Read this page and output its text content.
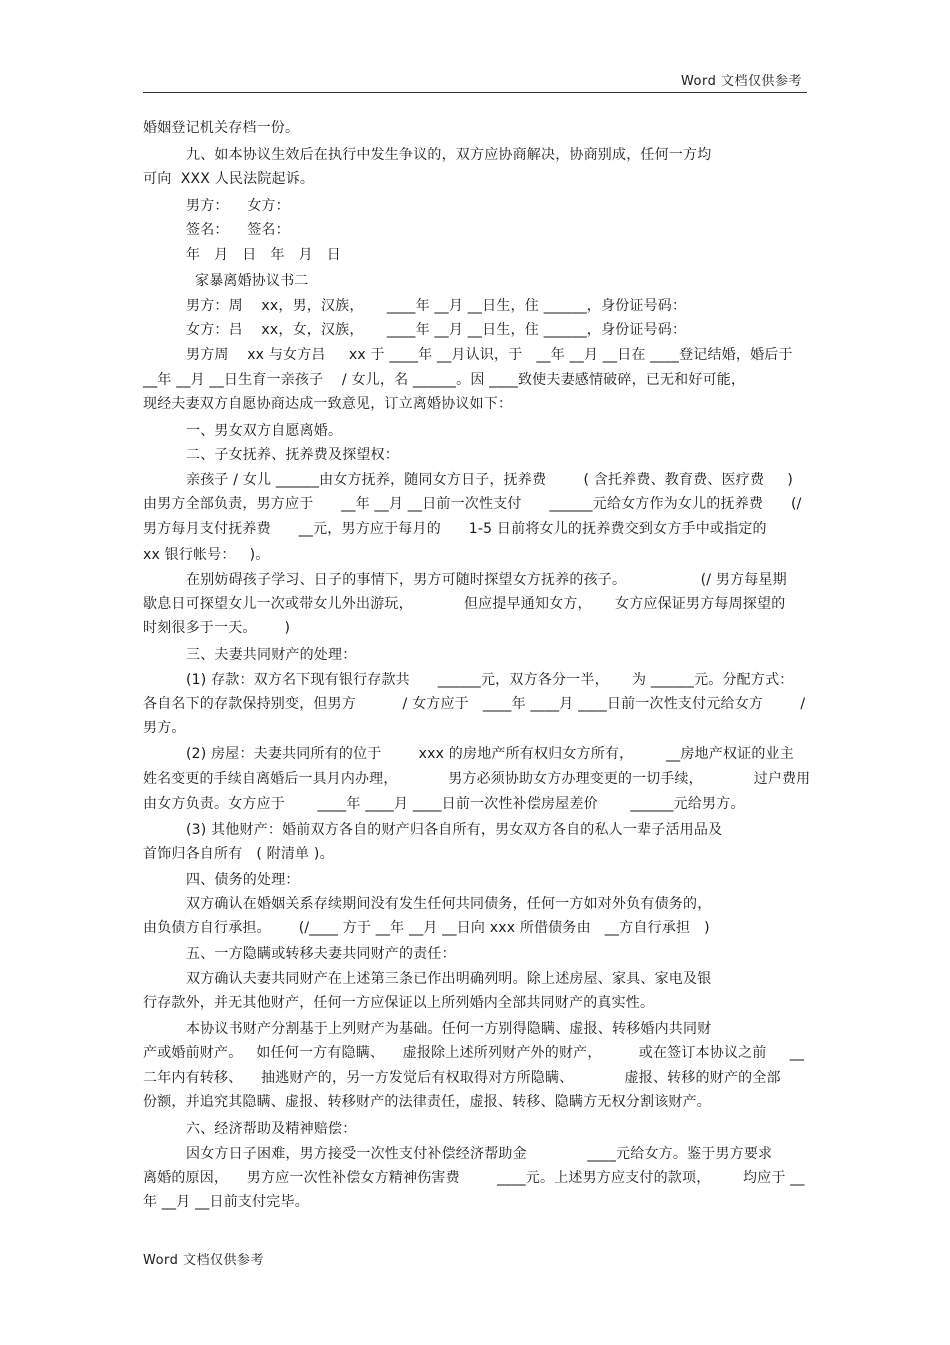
Word 文档仅供参考
婚姻登记机关存档一份。
九、如本协议生效后在执行中发生争议的，双方应协商解决，协商别成，任何一方均
可向  XXX 人民法院起诉。
男方：    女方：
签名：    签名：
年   月   日   年   月   日
家暴离婚协议书二
男方：周    xx，男，汉族，     ____年 __月 __日生，住 ______，身份证号码：
女方：吕    xx，女，汉族，     ____年 __月 __日生，住 ______，身份证号码：
男方周    xx 与女方吕     xx 于 ____年 __月认识，于   __年 __月 __日在 ____登记结婚，婚后于
__年 __月 __日生育一亲孩子    / 女儿，名 ______。因 ____致使夫妻感情破碎，已无和好可能，
现经夫妻双方自愿协商达成一致意见，订立离婚协议如下：
一、男女双方自愿离婚。
二、子女抚养、抚养费及探望权：
亲孩子 / 女儿 ______由女方抚养，随同女方日子，抚养费        ( 含托养费、教育费、医疗费     )
由男方全部负责，男方应于      __年 __月 __日前一次性支付      ______元给女方作为女儿的抚养费      (/
男方每月支付抚养费      __元，男方应于每月的      1-5 日前将女儿的抚养费交到女方手中或指定的
xx 银行帐号：   )。
在别妨碍孩子学习、日子的事情下，男方可随时探望女方抚养的孩子。                (/ 男方每星期
歇息日可探望女儿一次或带女儿外出游玩，           但应提早通知女方，     女方应保证男方每周探望的
时刻很多于一天。      )
三、夫妻共同财产的处理：
(1) 存款：双方名下现有银行存款共      ______元，双方各分一半，     为 ______元。分配方式：
各自名下的存款保持别变，但男方          / 女方应于   ____年 ____月 ____日前一次性支付元给女方        /
男方。
(2) 房屋：夫妻共同所有的位于        xxx 的房地产所有权归女方所有，       __房地产权证的业主
姓名变更的手续自离婚后一具月内办理，           男方必须协助女方办理变更的一切手续，           过户费用
由女方负责。女方应于       ____年 ____月 ____日前一次性补偿房屋差价       ______元给男方。
(3) 其他财产：婚前双方各自的财产归各自所有，男女双方各自的私人一辈子活用品及
首饰归各自所有   ( 附清单 )。
四、债务的处理：
双方确认在婚姻关系存续期间没有发生任何共同债务，任何一方如对外负有债务的，
由负债方自行承担。      (/____ 方于 __年 __月 __日向 xxx 所借债务由   __方自行承担   )
五、一方隐瞒或转移夫妻共同财产的责任：
双方确认夫妻共同财产在上述第三条已作出明确列明。除上述房屋、家具、家电及银
行存款外，并无其他财产，任何一方应保证以上所列婚内全部共同财产的真实性。
本协议书财产分割基于上列财产为基础。任何一方别得隐瞒、虚报、转移婚内共同财
产或婚前财产。   如任何一方有隐瞒、    虚报除上述所列财产外的财产，        或在签订本协议之前     __
二年内有转移、    抽逃财产的，另一方发觉后有权取得对方所隐瞒、           虚报、转移的财产的全部
份额，并追究其隐瞒、虚报、转移财产的法律责任，虚报、转移、隐瞒方无权分割该财产。
六、经济帮助及精神赔偿：
因女方日子困难，男方接受一次性支付补偿经济帮助金             ____元给女方。鉴于男方要求
离婚的原因，    男方应一次性补偿女方精神伤害费        ____元。上述男方应支付的款项，       均应于 __
年 __月 __日前支付完毕。
Word 文档仅供参考
